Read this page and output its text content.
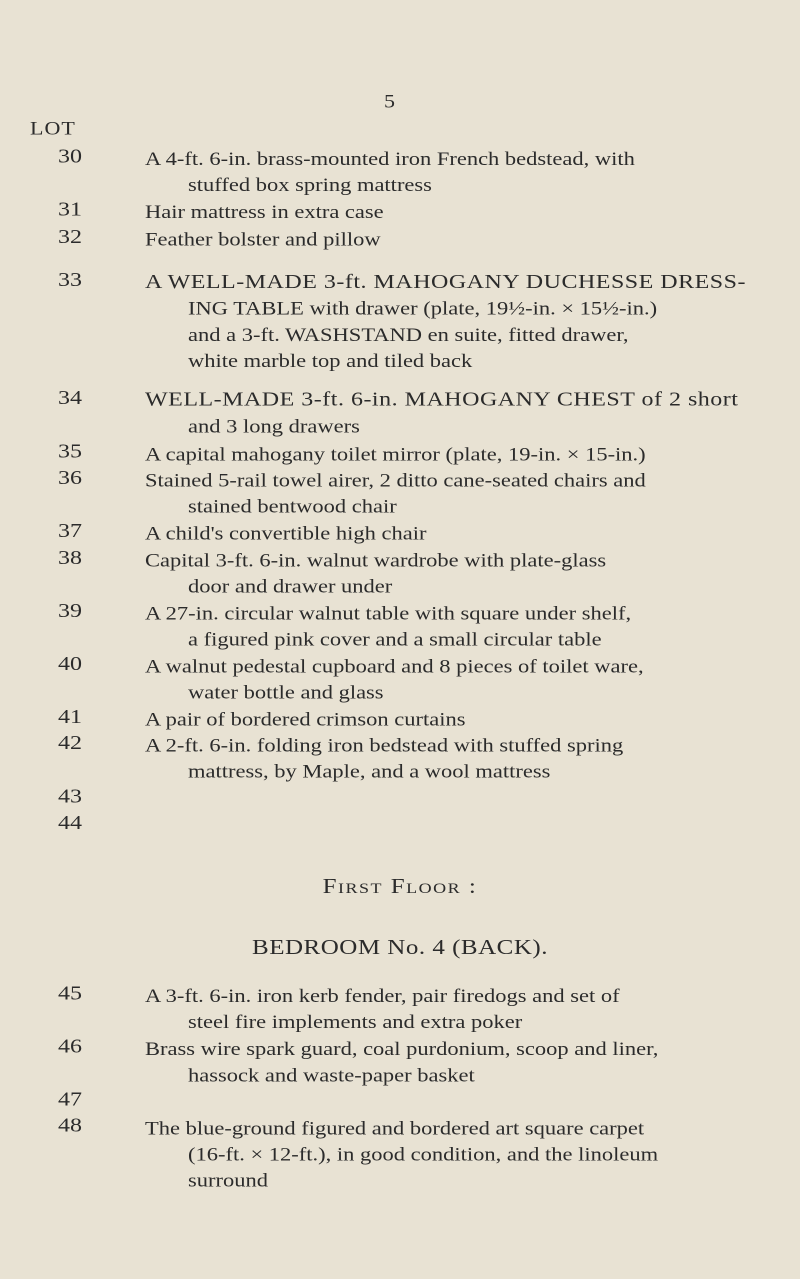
5
LOT
30	A 4-ft. 6-in. brass-mounted iron French bedstead, with
stuffed box spring mattress
31	Hair mattress in extra case
32	Feather bolster and pillow
33	A WELL-MADE 3-ft. MAHOGANY DUCHESSE DRESS-
ING TABLE with drawer (plate, 19½-in. × 15½-in.)
and a 3-ft. WASHSTAND en suite, fitted drawer,
white marble top and tiled back
34	WELL-MADE 3-ft. 6-in. MAHOGANY CHEST of 2 short
and 3 long drawers
35	A capital mahogany toilet mirror (plate, 19-in. × 15-in.)
36	Stained 5-rail towel airer, 2 ditto cane-seated chairs and
stained bentwood chair
37	A child's convertible high chair
38	Capital 3-ft. 6-in. walnut wardrobe with plate-glass
door and drawer under
39	A 27-in. circular walnut table with square under shelf,
a figured pink cover and a small circular table
40	A walnut pedestal cupboard and 8 pieces of toilet ware,
water bottle and glass
41	A pair of bordered crimson curtains
42	A 2-ft. 6-in. folding iron bedstead with stuffed spring
mattress, by Maple, and a wool mattress
43
44
First Floor :
BEDROOM No. 4 (BACK).
45	A 3-ft. 6-in. iron kerb fender, pair firedogs and set of
steel fire implements and extra poker
46	Brass wire spark guard, coal purdonium, scoop and liner,
hassock and waste-paper basket
47
48	The blue-ground figured and bordered art square carpet
(16-ft. × 12-ft.), in good condition, and the linoleum
surround
